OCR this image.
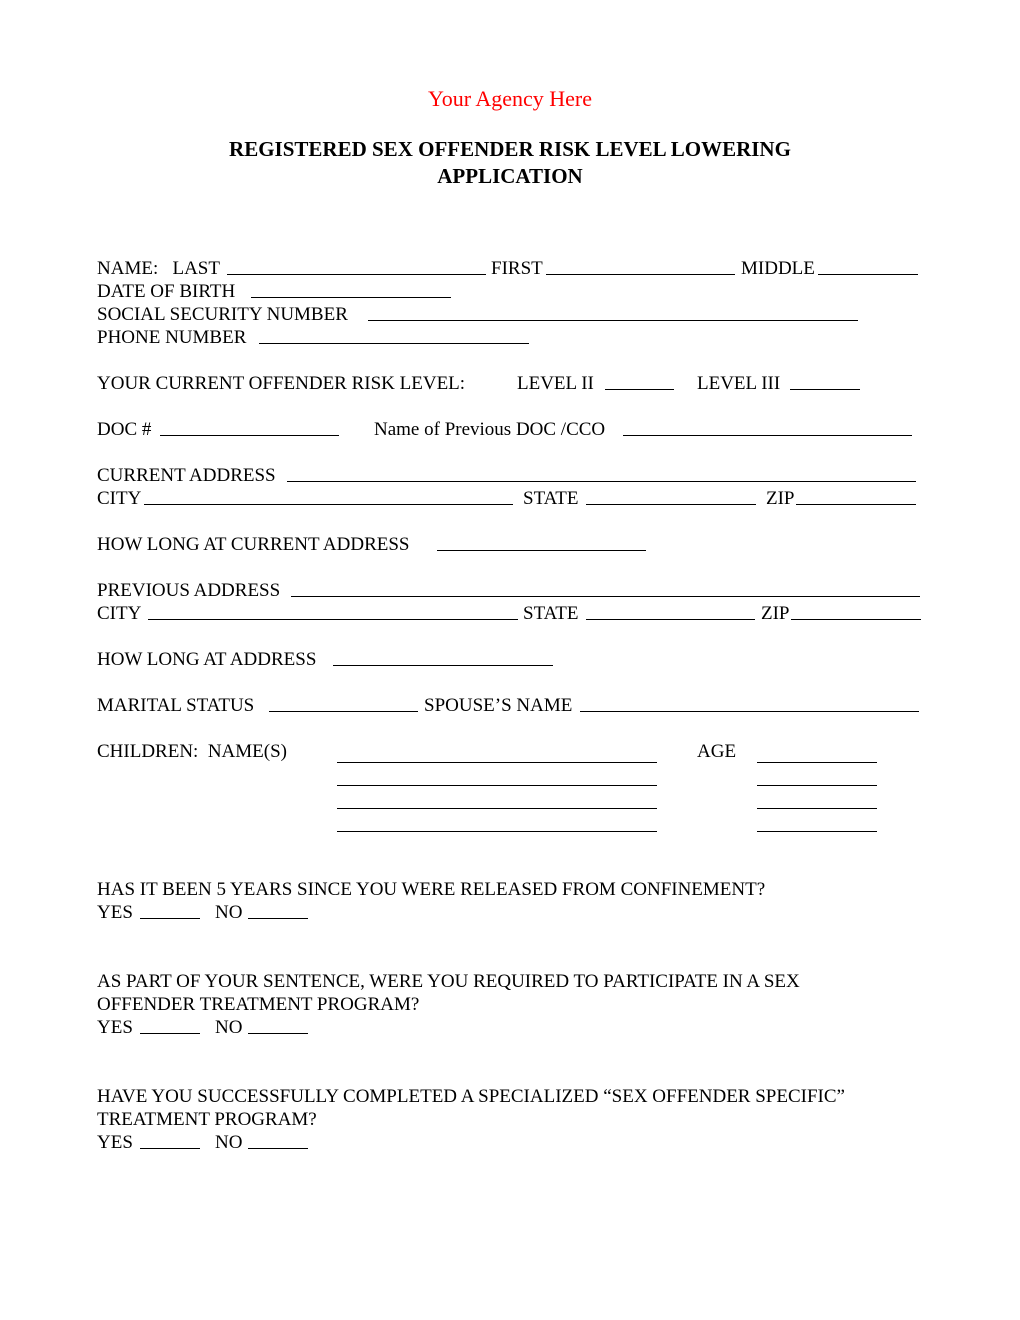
Your Agency Here
REGISTERED SEX OFFENDER RISK LEVEL LOWERING
APPLICATION
NAME:   LAST	FIRST	MIDDLE
DATE OF BIRTH
SOCIAL SECURITY NUMBER
PHONE NUMBER
YOUR CURRENT OFFENDER RISK LEVEL:	LEVEL II	LEVEL III
DOC #	Name of Previous DOC /CCO
CURRENT ADDRESS
CITY	STATE	ZIP
HOW LONG AT CURRENT ADDRESS
PREVIOUS ADDRESS
CITY	STATE	ZIP
HOW LONG AT ADDRESS
MARITAL STATUS	SPOUSE’S NAME
CHILDREN:  NAME(S)	AGE
HAS IT BEEN 5 YEARS SINCE YOU WERE RELEASED FROM CONFINEMENT?
YES	NO
AS PART OF YOUR SENTENCE, WERE YOU REQUIRED TO PARTICIPATE IN A SEX
OFFENDER TREATMENT PROGRAM?
YES	NO
HAVE YOU SUCCESSFULLY COMPLETED A SPECIALIZED “SEX OFFENDER SPECIFIC”
TREATMENT PROGRAM?
YES	NO
